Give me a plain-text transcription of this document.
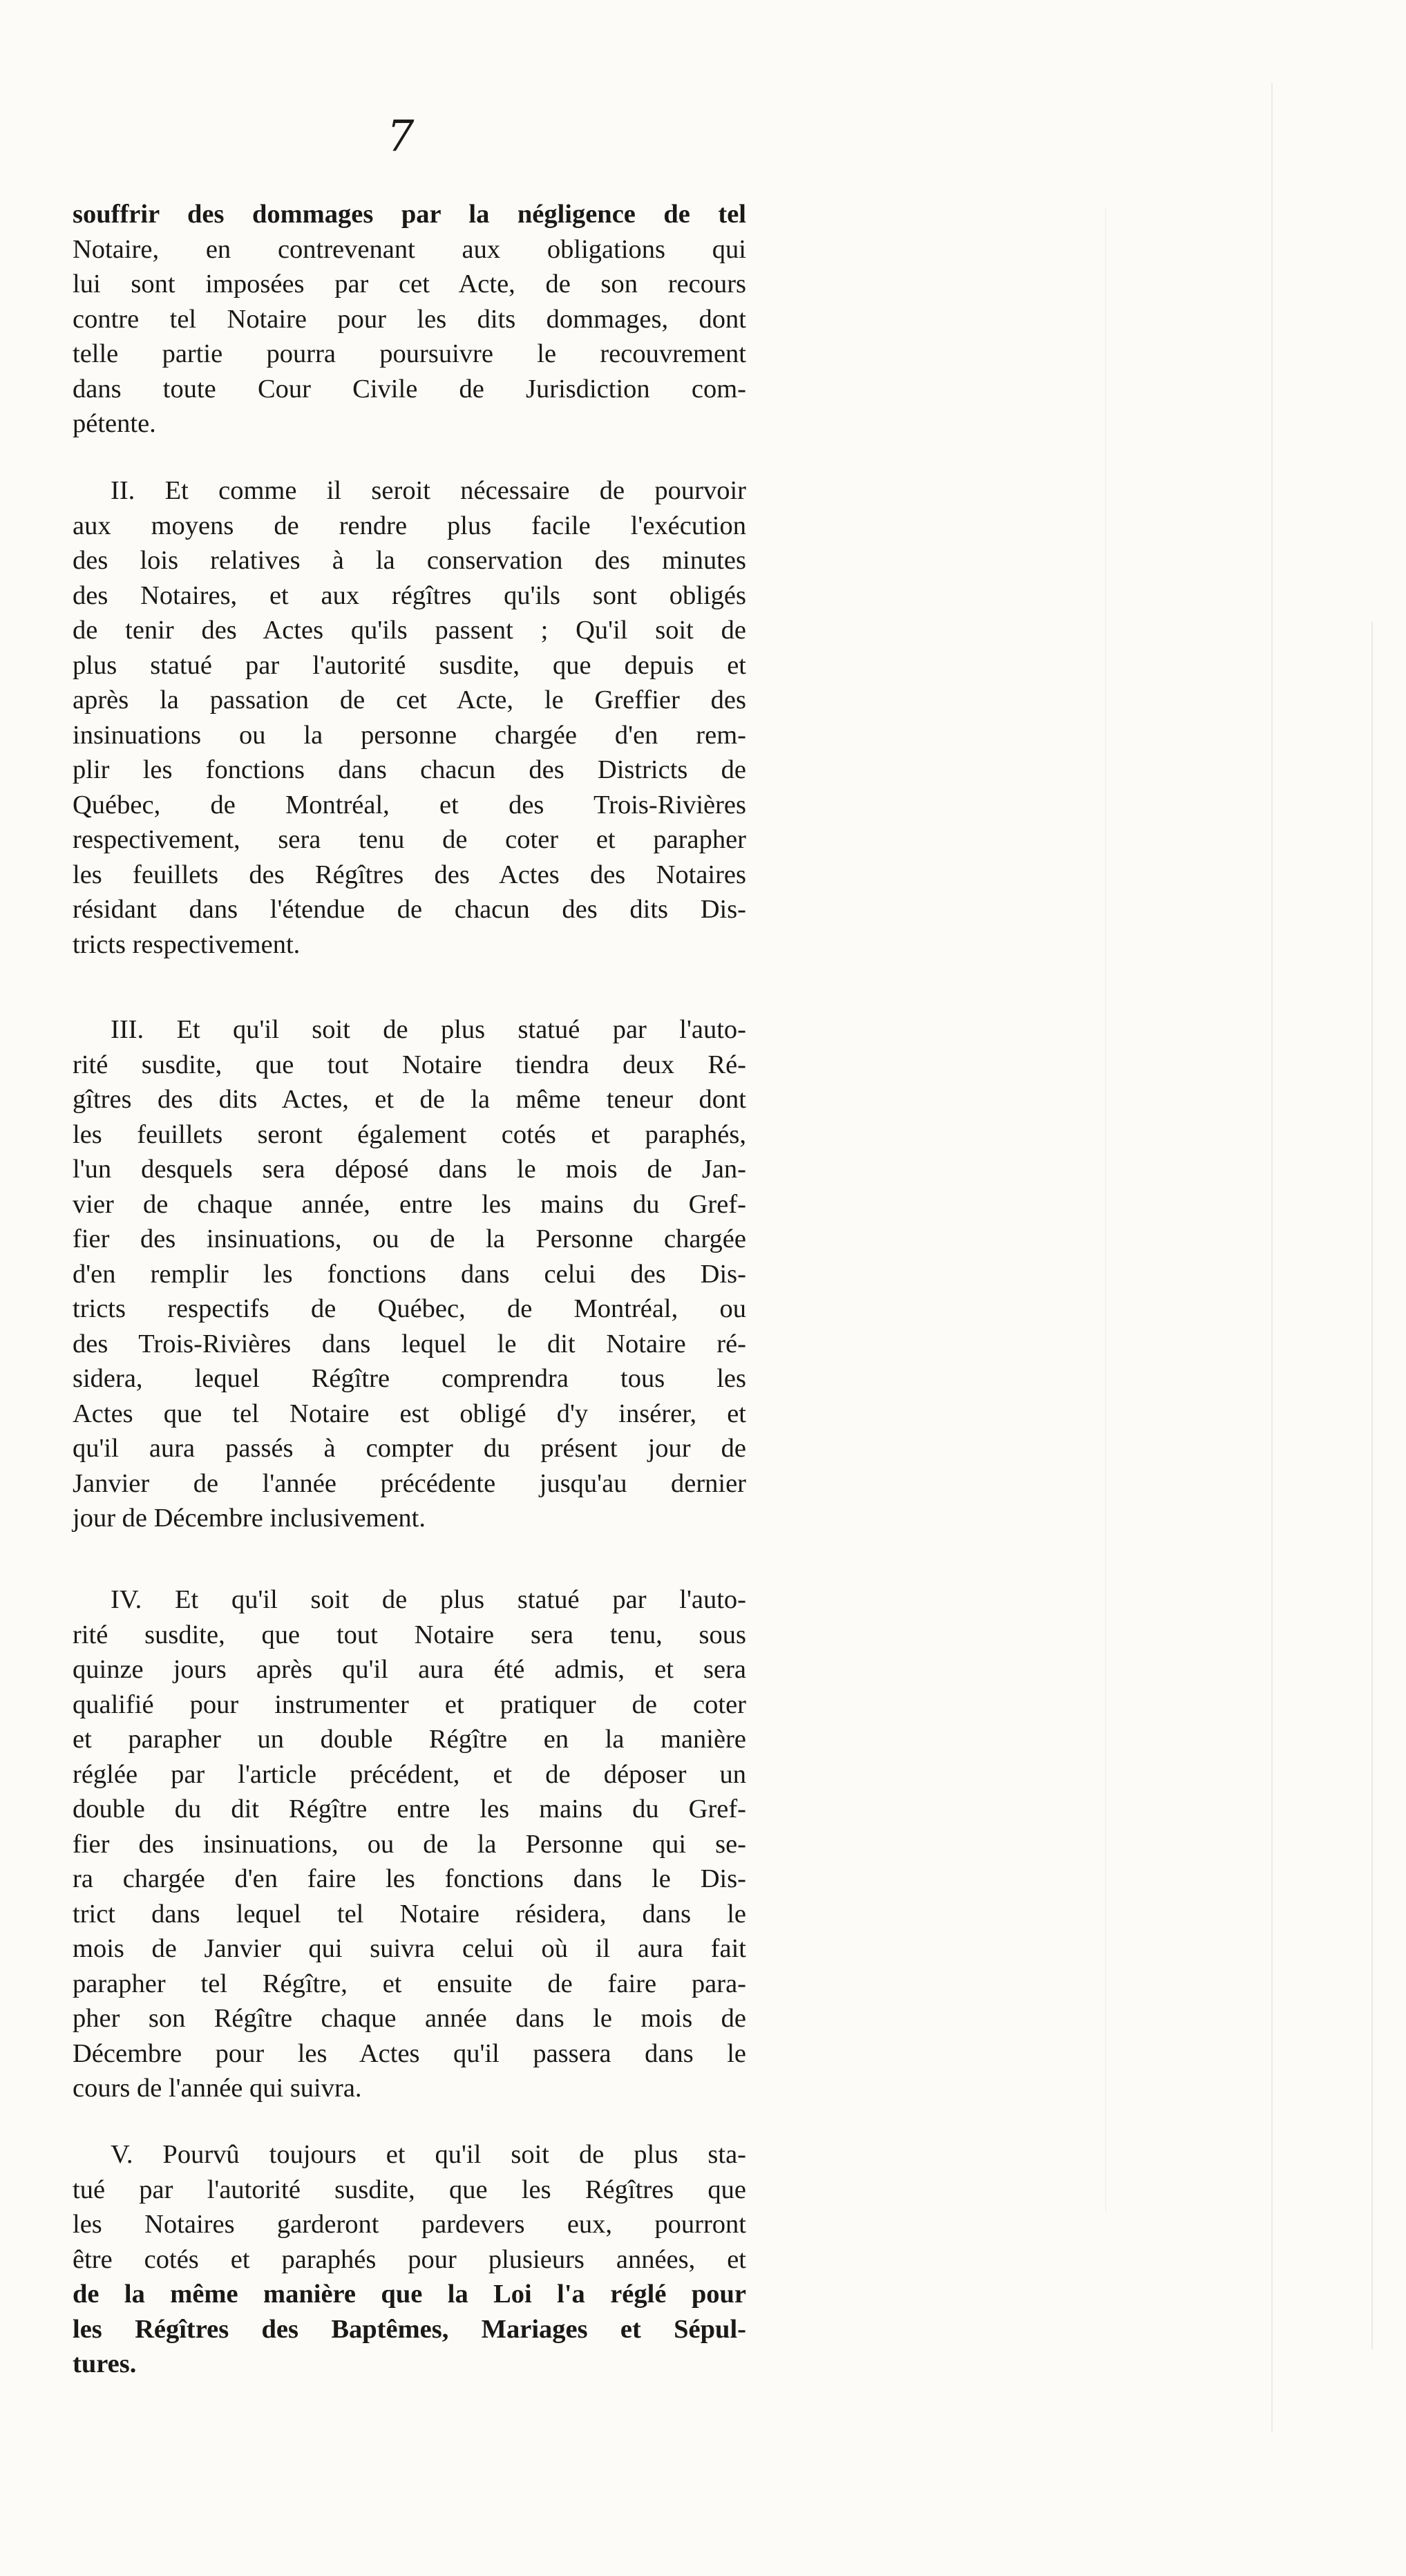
7

souffrir des dommages par la négligence de tel
Notaire, en contrevenant aux obligations qui
lui sont imposées par cet Acte, de son recours
contre tel Notaire pour les dits dommages, dont
telle partie pourra poursuivre le recouvrement
dans toute Cour Civile de Jurisdiction com-
pétente.
II. Et comme il seroit nécessaire de pourvoir
aux moyens de rendre plus facile l'exécution
des lois relatives à la conservation des minutes
des Notaires, et aux régîtres qu'ils sont obligés
de tenir des Actes qu'ils passent ; Qu'il soit de
plus statué par l'autorité susdite, que depuis et
après la passation de cet Acte, le Greffier des
insinuations ou la personne chargée d'en rem-
plir les fonctions dans chacun des Districts de
Québec, de Montréal, et des Trois-Rivières
respectivement, sera tenu de coter et parapher
les feuillets des Régîtres des Actes des Notaires
résidant dans l'étendue de chacun des dits Dis-
tricts respectivement.
III. Et qu'il soit de plus statué par l'auto-
rité susdite, que tout Notaire tiendra deux Ré-
gîtres des dits Actes, et de la même teneur dont
les feuillets seront également cotés et paraphés,
l'un desquels sera déposé dans le mois de Jan-
vier de chaque année, entre les mains du Gref-
fier des insinuations, ou de la Personne chargée
d'en remplir les fonctions dans celui des Dis-
tricts respectifs de Québec, de Montréal, ou
des Trois-Rivières dans lequel le dit Notaire ré-
sidera, lequel Régître comprendra tous les
Actes que tel Notaire est obligé d'y insérer, et
qu'il aura passés à compter du présent jour de
Janvier de l'année précédente jusqu'au dernier
jour de Décembre inclusivement.
IV. Et qu'il soit de plus statué par l'auto-
rité susdite, que tout Notaire sera tenu, sous
quinze jours après qu'il aura été admis, et sera
qualifié pour instrumenter et pratiquer de coter
et parapher un double Régître en la manière
réglée par l'article précédent, et de déposer un
double du dit Régître entre les mains du Gref-
fier des insinuations, ou de la Personne qui se-
ra chargée d'en faire les fonctions dans le Dis-
trict dans lequel tel Notaire résidera, dans le
mois de Janvier qui suivra celui où il aura fait
parapher tel Régître, et ensuite de faire para-
pher son Régître chaque année dans le mois de
Décembre pour les Actes qu'il passera dans le
cours de l'année qui suivra.
V. Pourvû toujours et qu'il soit de plus sta-
tué par l'autorité susdite, que les Régîtres que
les Notaires garderont pardevers eux, pourront
être cotés et paraphés pour plusieurs années, et
de la même manière que la Loi l'a réglé pour
les Régîtres des Baptêmes, Mariages et Sépul-
tures.
